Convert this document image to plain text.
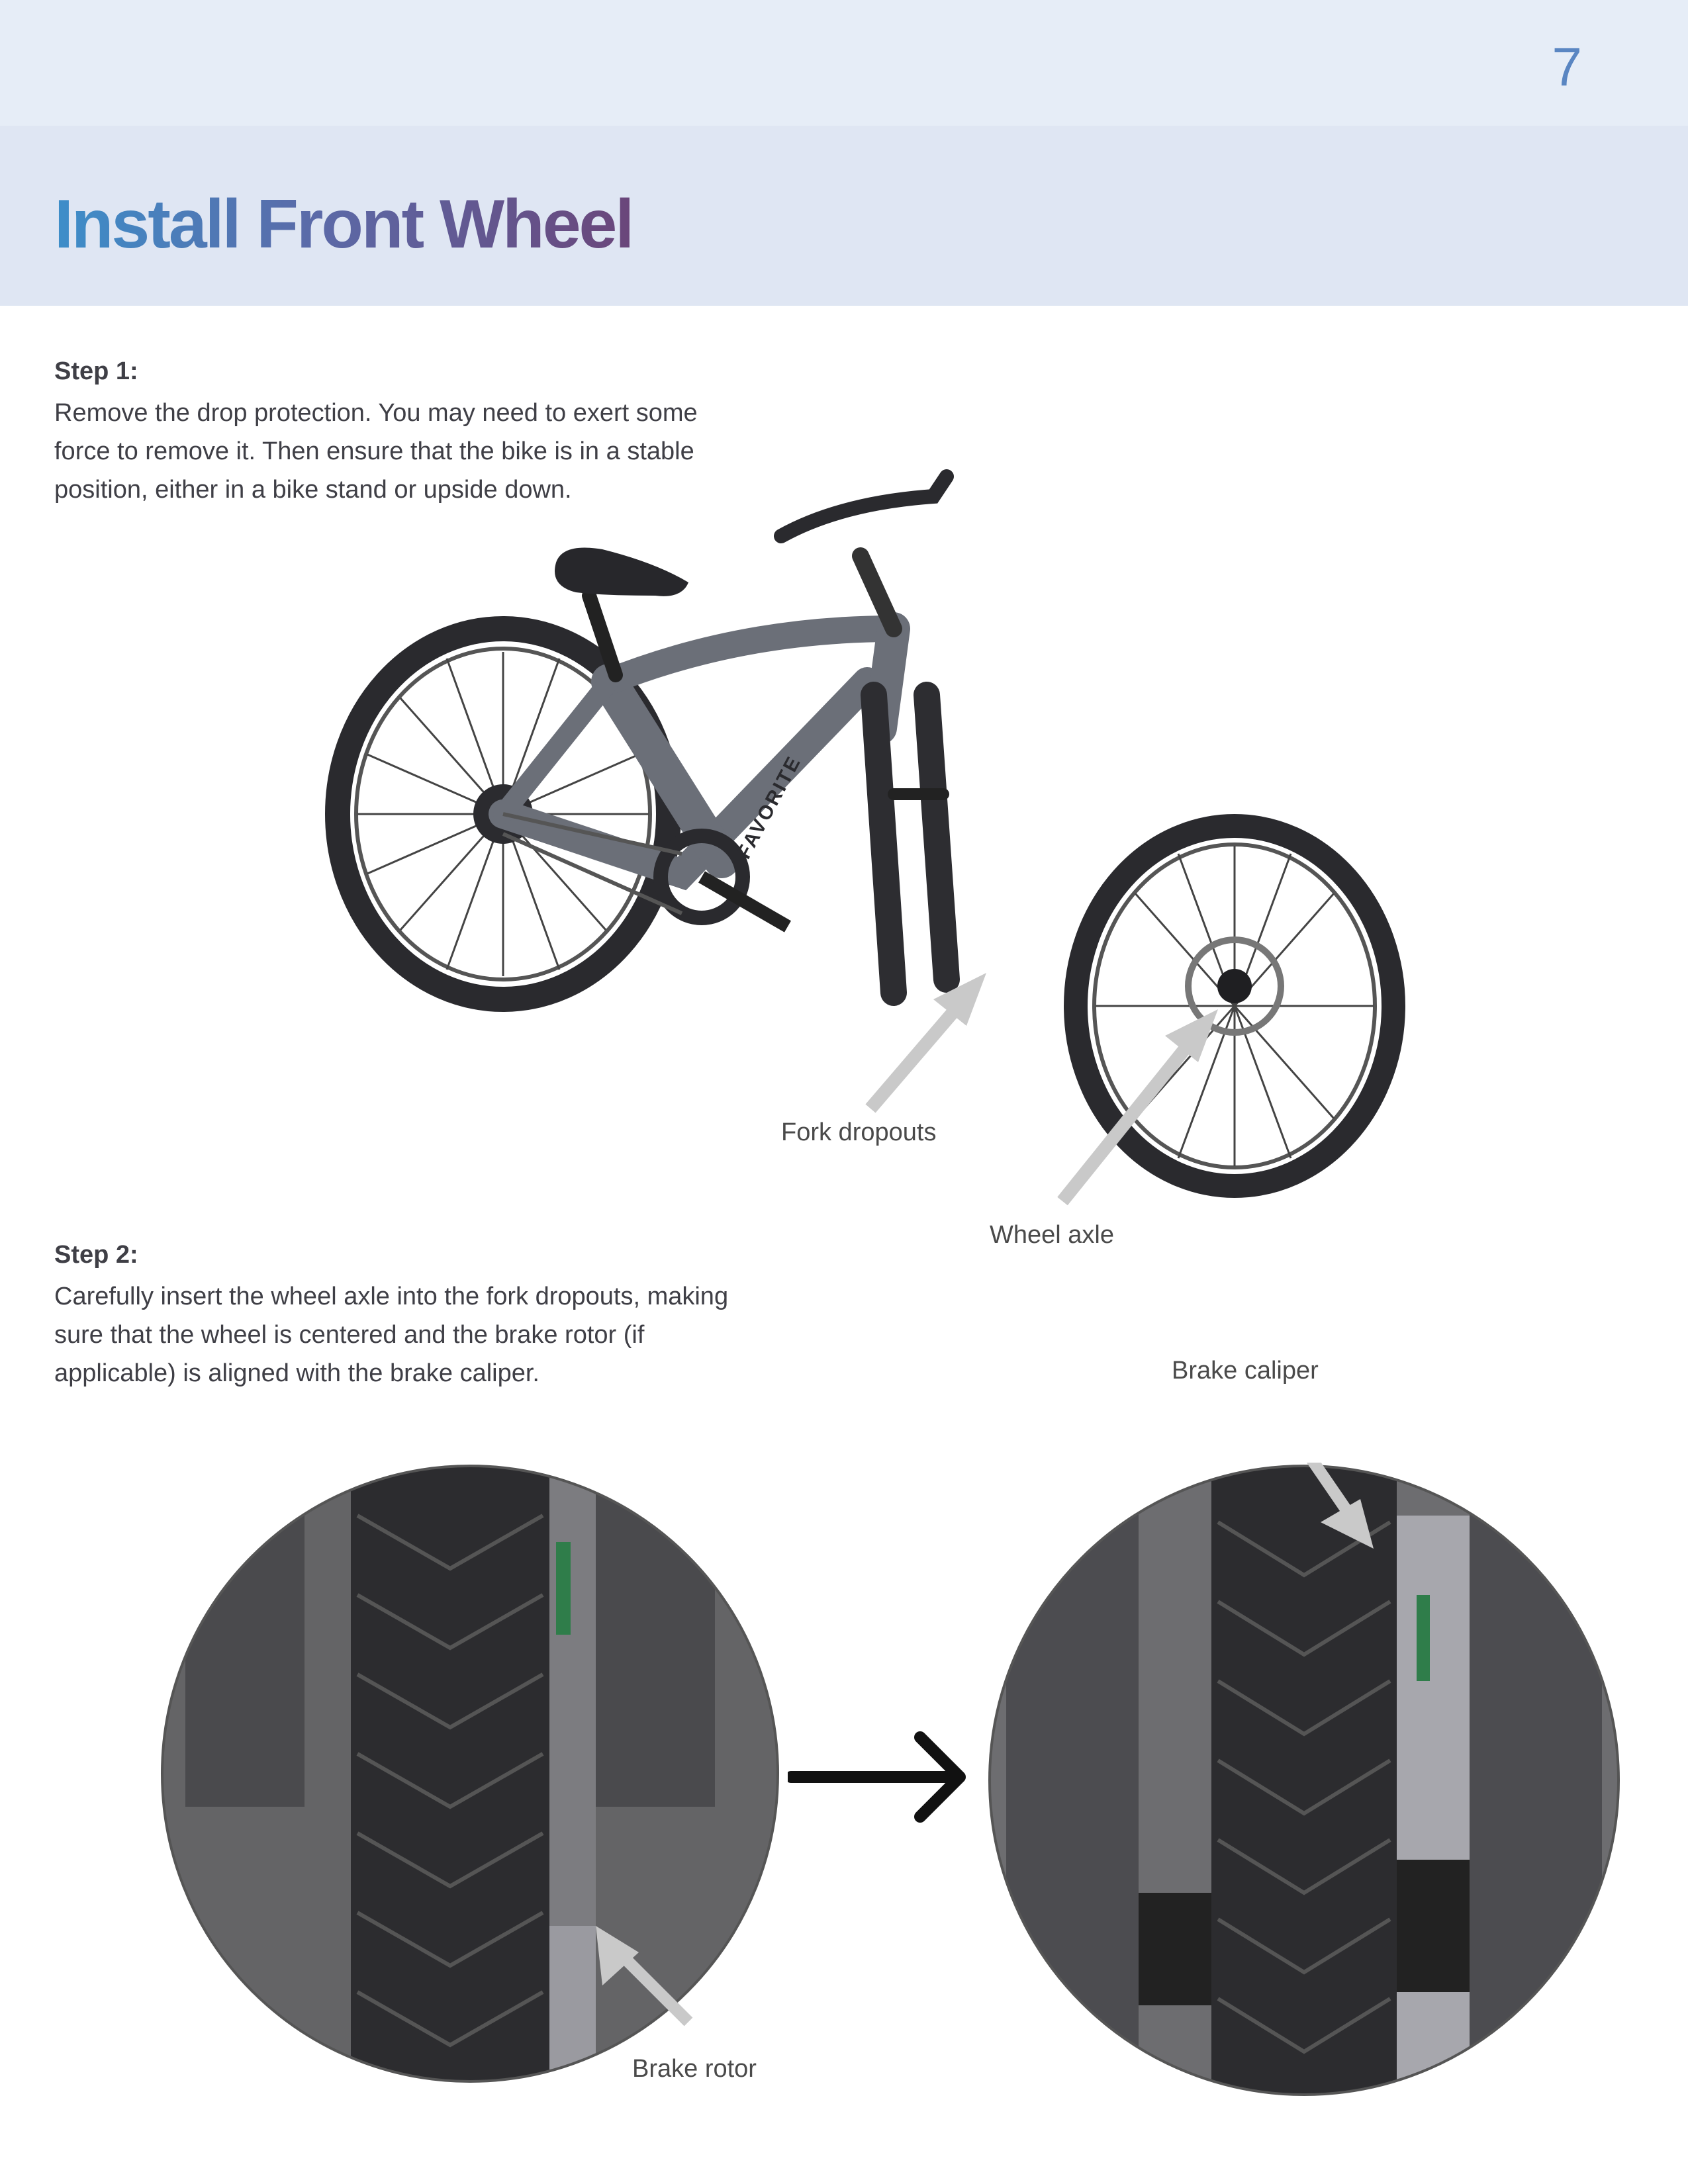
7
Install Front Wheel
Step 1:
Remove the drop protection. You may need to exert some force to remove it. Then ensure that the bike is in a stable position, either in a bike stand or upside down.
FAVORITE
Fork dropouts
Wheel axle
Step 2:
Carefully insert the wheel axle into the fork dropouts, making sure that the wheel is centered and the brake rotor (if applicable) is aligned with the brake caliper.	Brake caliper
Brake rotor
